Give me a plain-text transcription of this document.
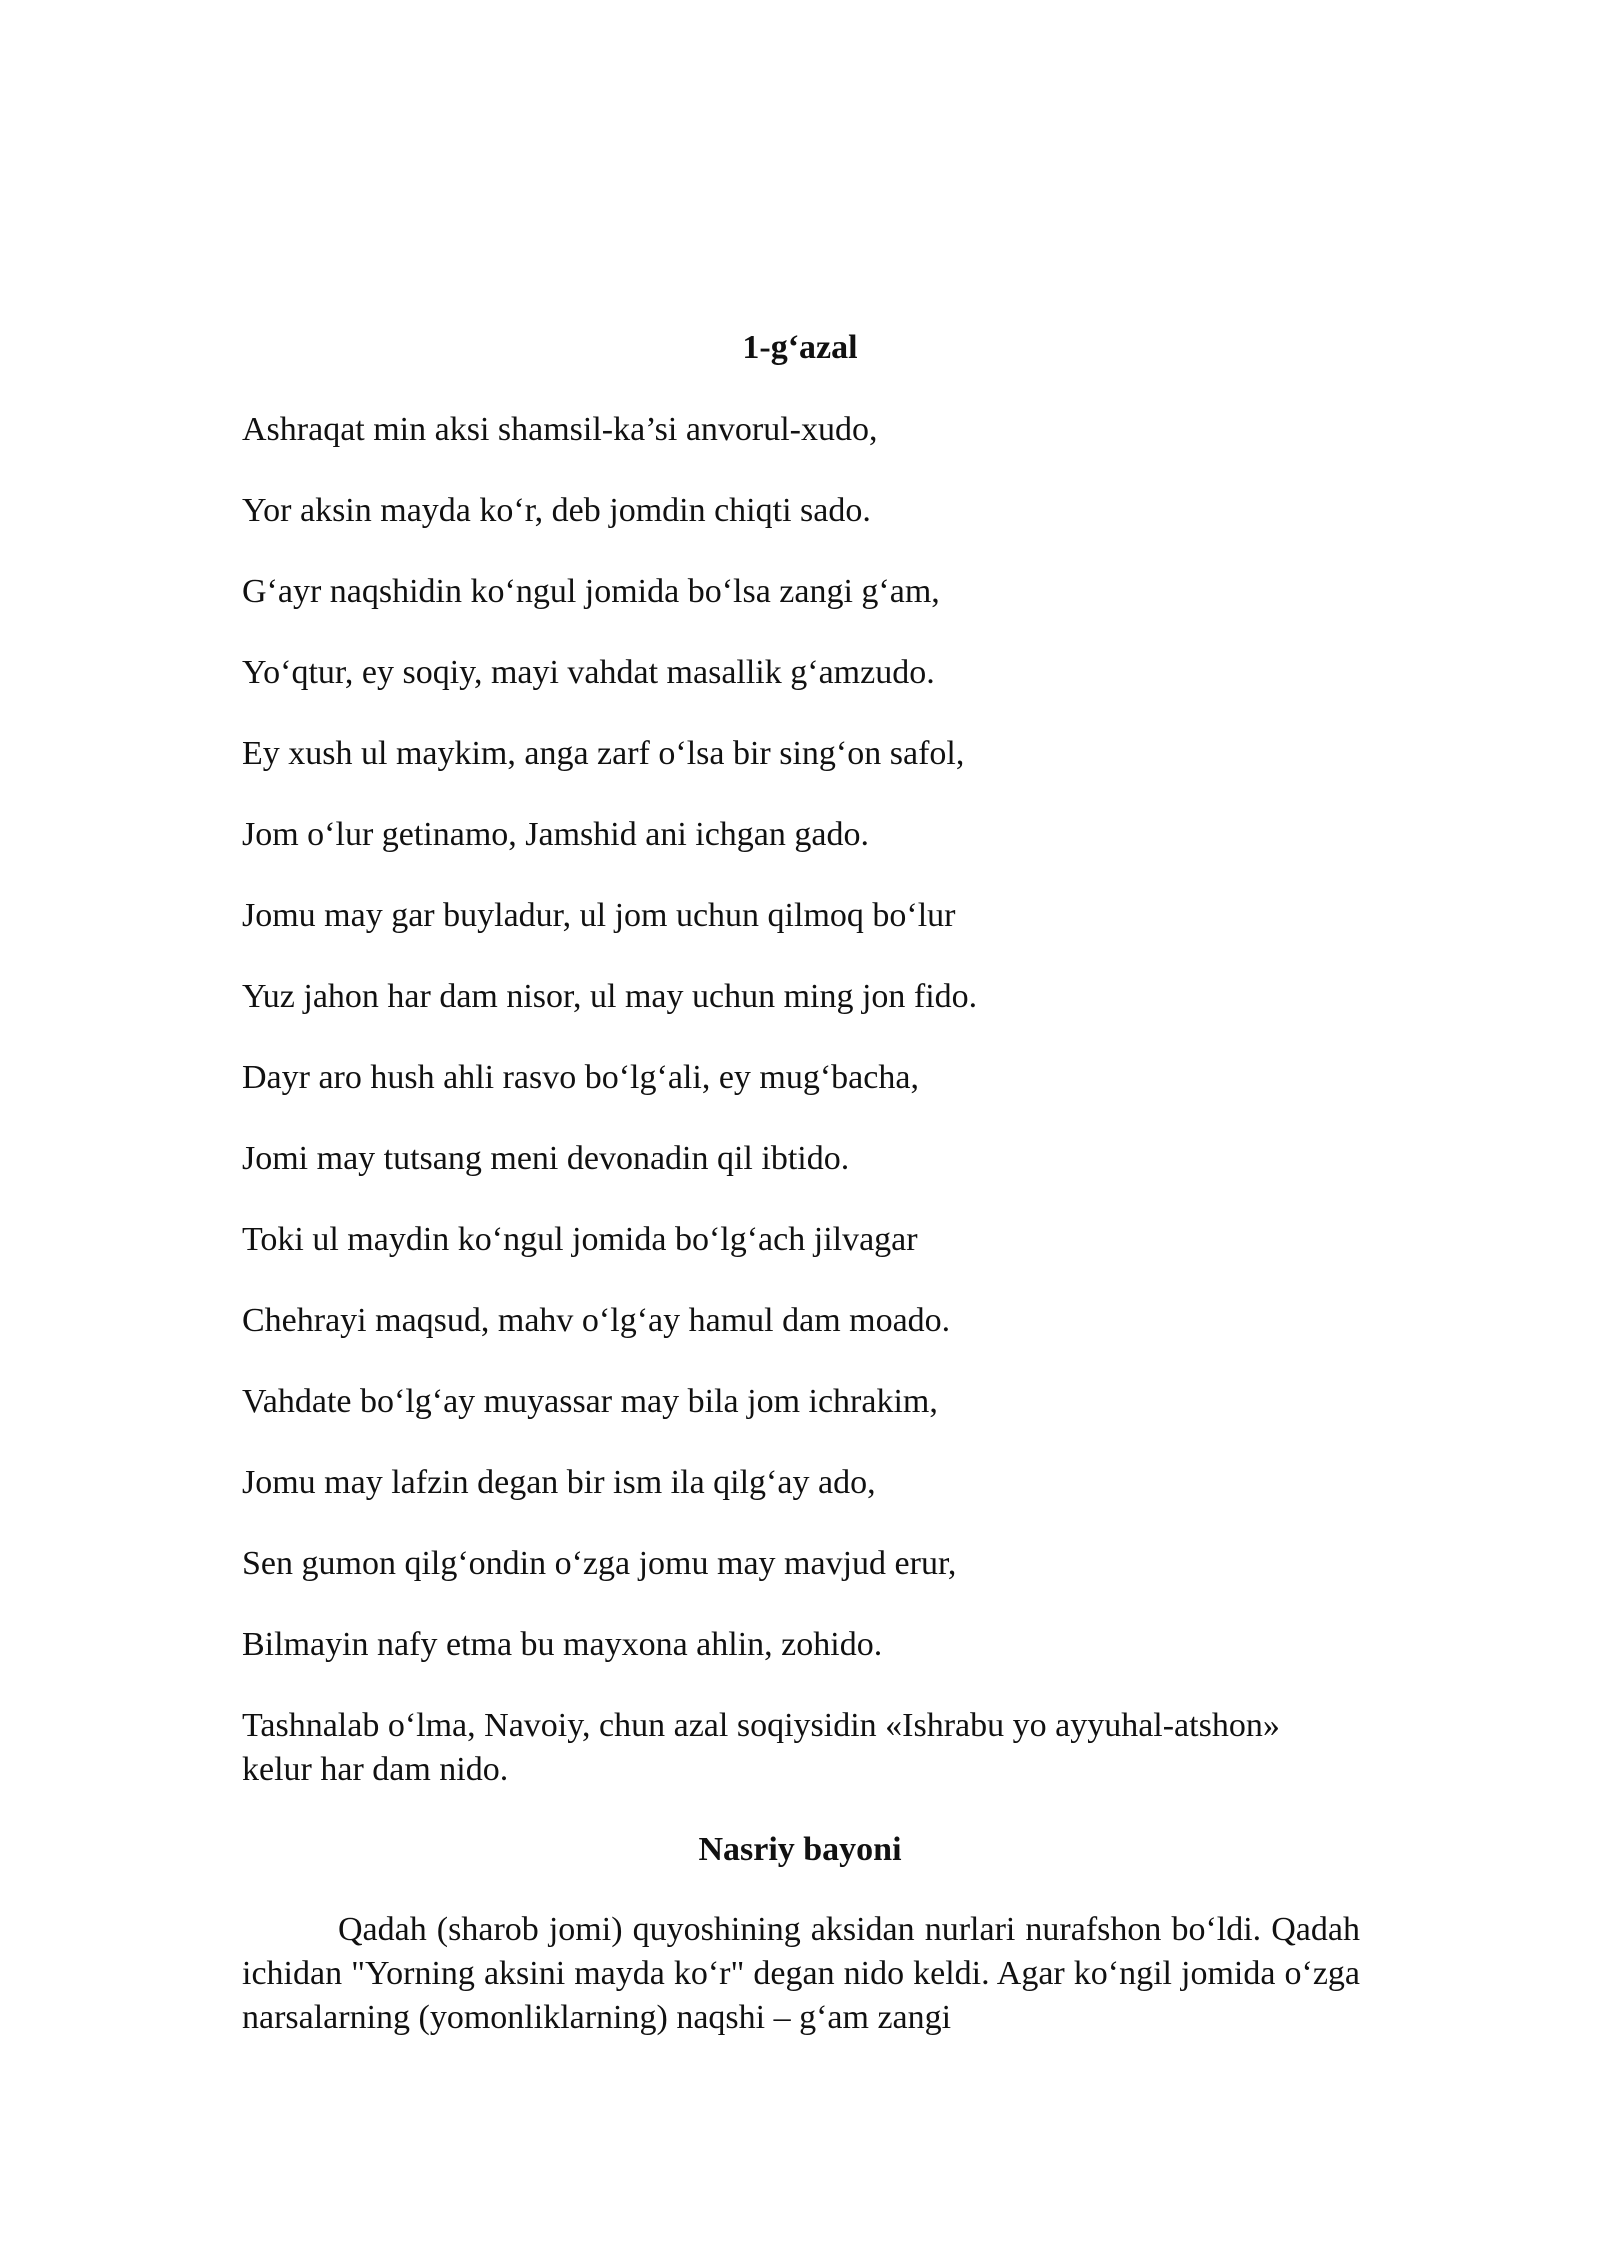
1-g‘azal
Ashraqat min aksi shamsil-ka’si anvorul-xudo,
Yor aksin mayda ko‘r, deb jomdin chiqti sado.
G‘ayr naqshidin ko‘ngul jomida bo‘lsa zangi g‘am,
Yo‘qtur, ey soqiy, mayi vahdat masallik g‘amzudo.
Ey xush ul maykim, anga zarf o‘lsa bir sing‘on safol,
Jom o‘lur getinamo, Jamshid ani ichgan gado.
Jomu may gar buyladur, ul jom uchun qilmoq bo‘lur
Yuz jahon har dam nisor, ul may uchun ming jon fido.
Dayr aro hush ahli rasvo bo‘lg‘ali, ey mug‘bacha,
Jomi may tutsang meni devonadin qil ibtido.
Toki ul maydin ko‘ngul jomida bo‘lg‘ach jilvagar
Chehrayi maqsud, mahv o‘lg‘ay hamul dam moado.
Vahdate bo‘lg‘ay muyassar may bila jom ichrakim,
Jomu may lafzin degan bir ism ila qilg‘ay ado,
Sen gumon qilg‘ondin o‘zga jomu may mavjud erur,
Bilmayin nafy etma bu mayxona ahlin, zohido.
Tashnalab o‘lma, Navoiy, chun azal soqiysidin «Ishrabu yo ayyuhal-atshon» kelur har dam nido.
Nasriy bayoni

Qadah (sharob jomi) quyoshining aksidan nurlari nurafshon bo‘ldi. Qadah ichidan "Yorning aksini mayda ko‘r" degan nido keldi. Agar ko‘ngil jomida o‘zga narsalarning (yomonliklarning) naqshi – g‘am zangi
